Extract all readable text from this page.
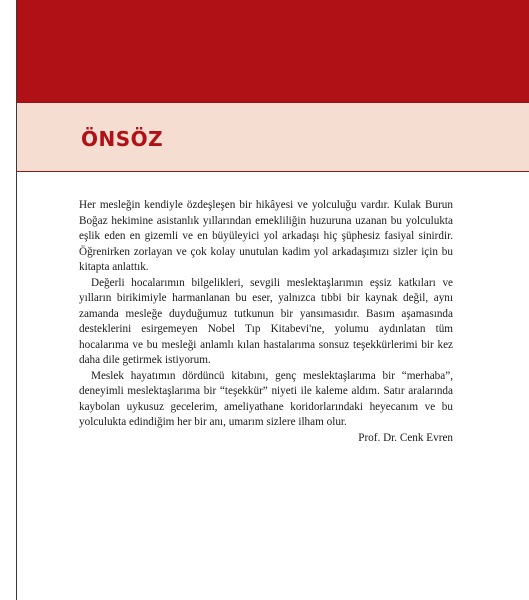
ÖNSÖZ

Her mesleğin kendiyle özdeşleşen bir hikâyesi ve yolculuğu vardır. Kulak Burun Boğaz hekimine asistanlık yıllarından emekliliğin huzuruna uzanan bu yolculukta eşlik eden en gizemli ve en büyüleyici yol arkadaşı hiç şüphesiz fasiyal sinirdir. Öğrenirken zorlayan ve çok kolay unutulan kadim yol arkadaşımızı sizler için bu kitapta anlattık.

Değerli hocalarımın bilgelikleri, sevgili meslektaşlarımın eşsiz katkıları ve yılların birikimiyle harmanlanan bu eser, yalnızca tıbbi bir kaynak değil, aynı zamanda mesleğe duyduğumuz tutkunun bir yansımasıdır. Basım aşamasında desteklerini esirgemeyen Nobel Tıp Kitabevi'ne, yolumu aydınlatan tüm hocalarıma ve bu mesleği anlamlı kılan hastalarıma sonsuz teşekkürlerimi bir kez daha dile getirmek istiyorum.

Meslek hayatımın dördüncü kitabını, genç meslektaşlarıma bir “merhaba”, deneyimli meslektaşlarıma bir “teşekkür” niyeti ile kaleme aldım. Satır aralarında kaybolan uykusuz gecelerim, ameliyathane koridorlarındaki heyecanım ve bu yolculukta edindiğim her bir anı, umarım sizlere ilham olur.

Prof. Dr. Cenk Evren
